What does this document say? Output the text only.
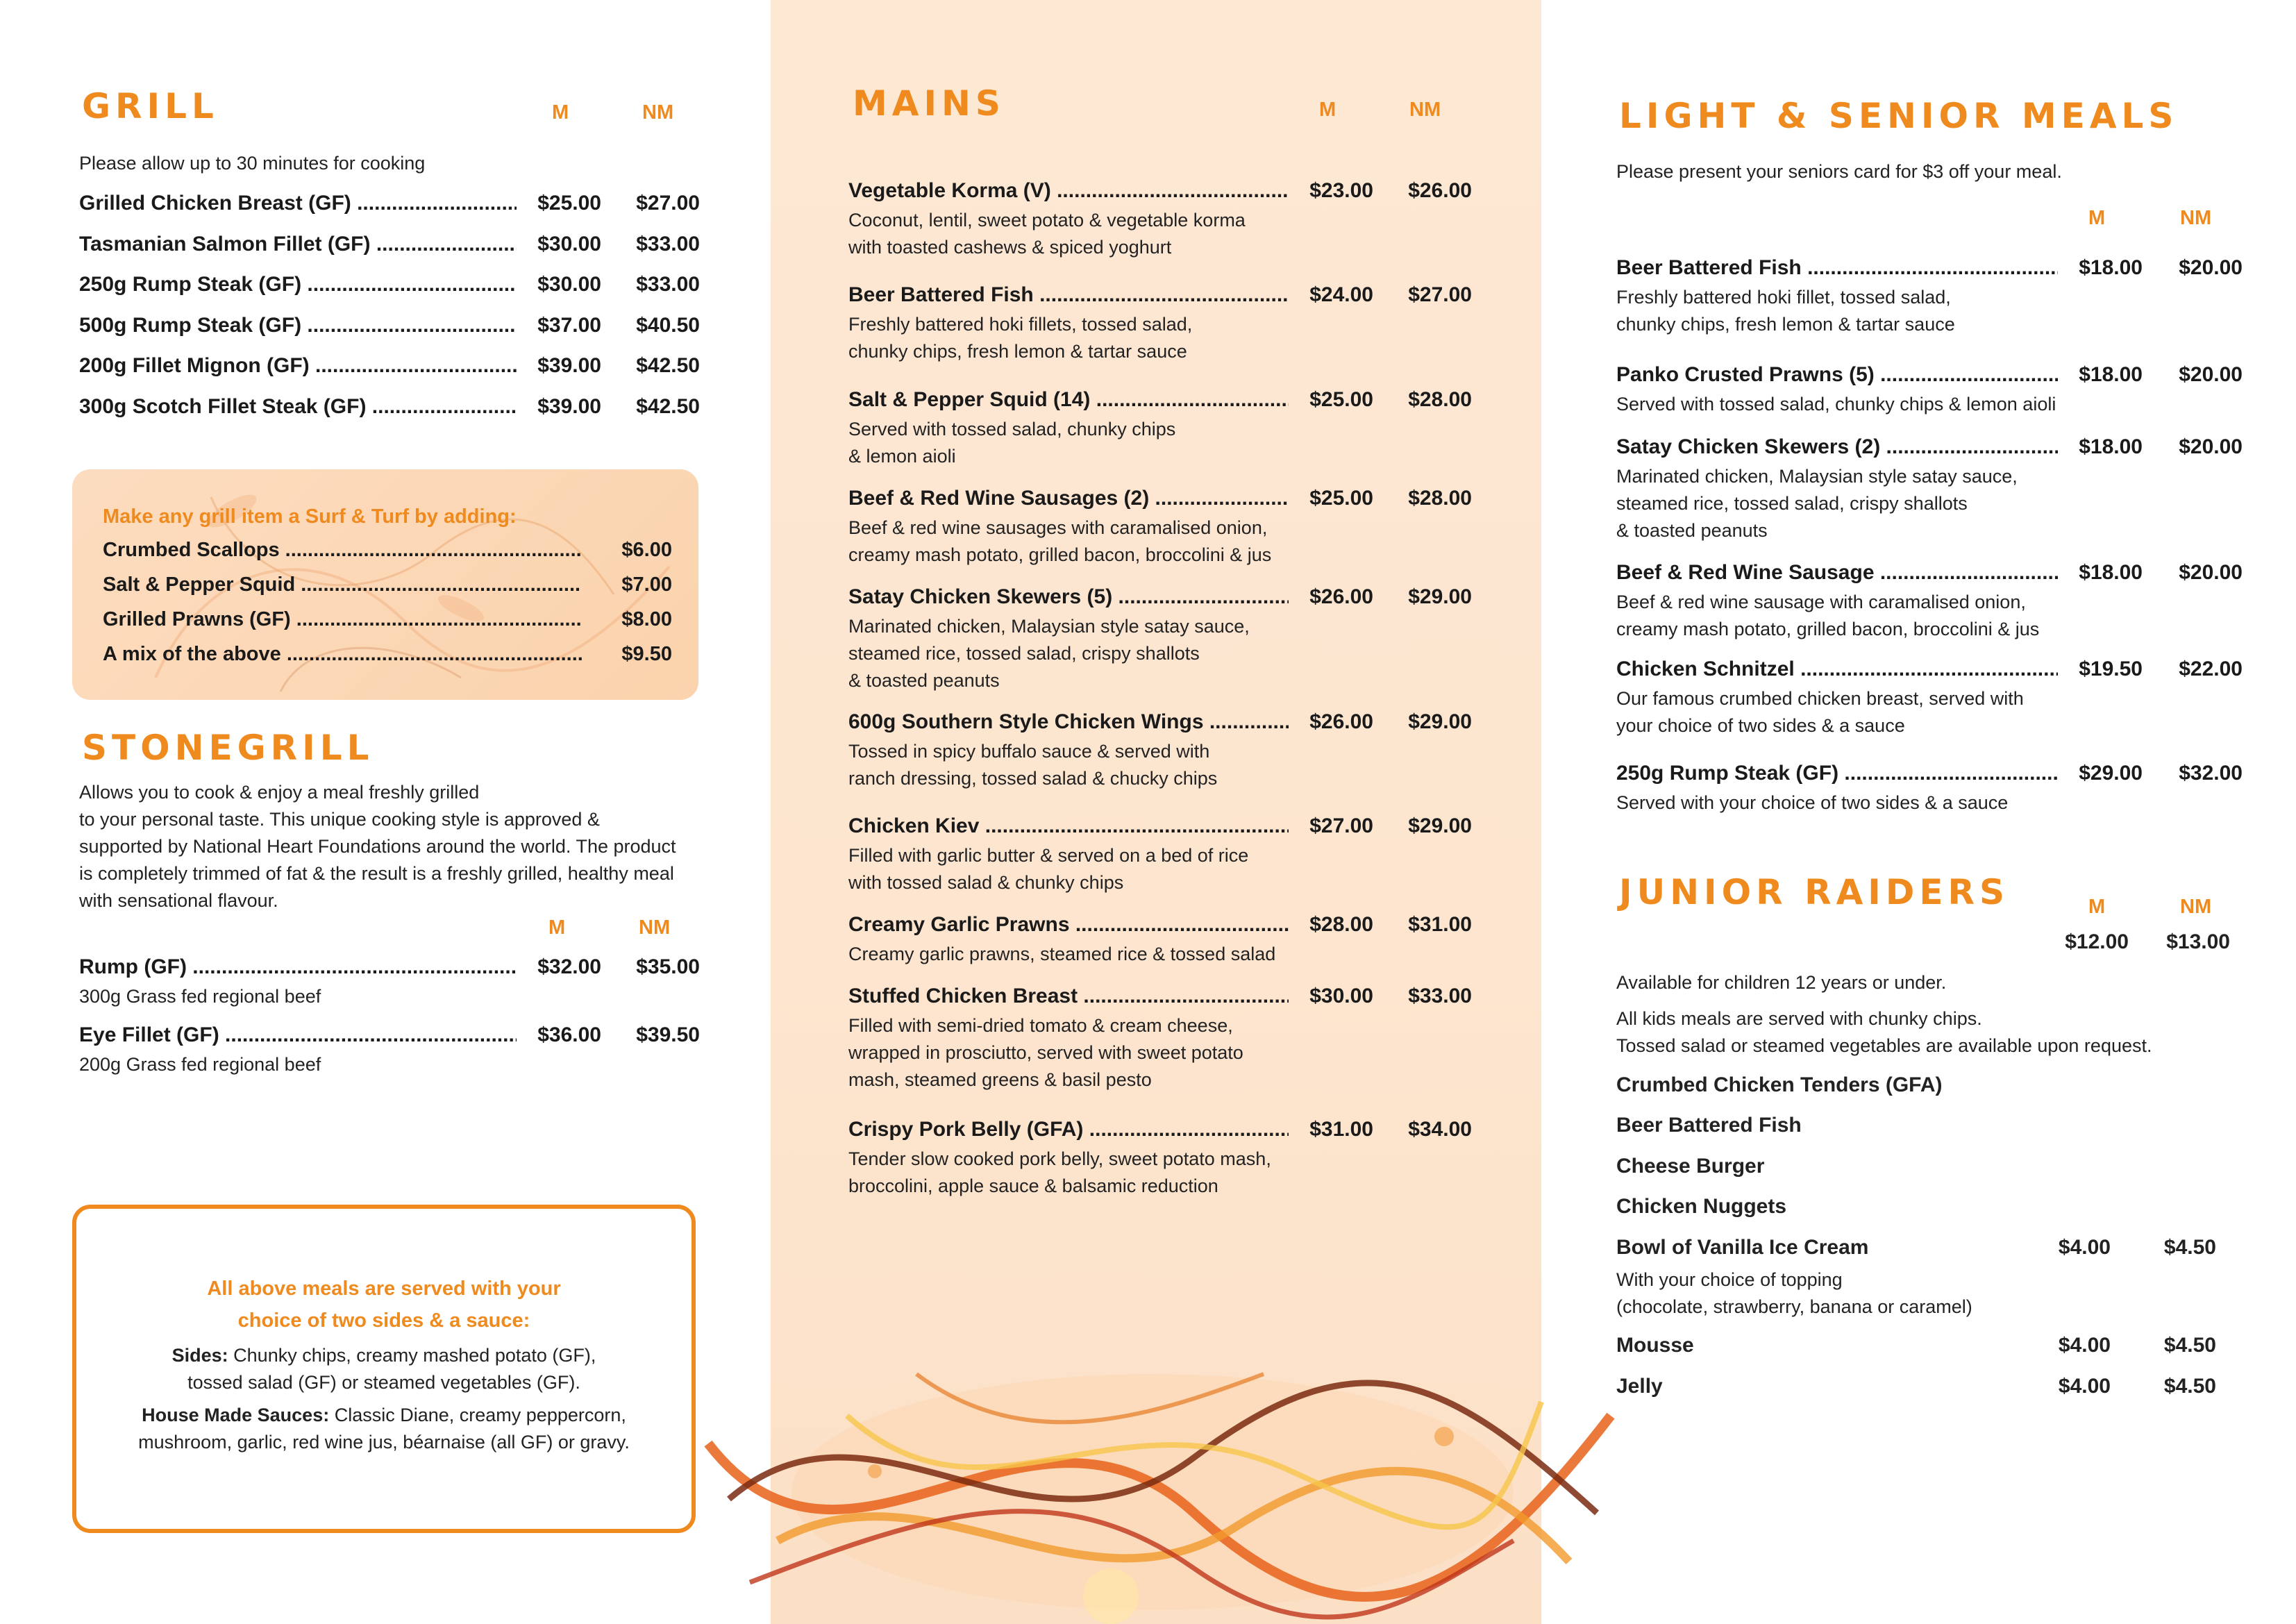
GRILL	M	NM
Please allow up to 30 minutes for cooking
Grilled Chicken Breast (GF) .....	$25.00	$27.00
Tasmanian Salmon Fillet (GF) .....	$30.00	$33.00
250g Rump Steak (GF) .....	$30.00	$33.00
500g Rump Steak (GF) .....	$37.00	$40.50
200g Fillet Mignon (GF) .....	$39.00	$42.50
300g Scotch Fillet Steak (GF) .....	$39.00	$42.50
Make any grill item a Surf & Turf by adding:
Crumbed Scallops .....	$6.00
Salt & Pepper Squid .....	$7.00
Grilled Prawns (GF) .....	$8.00
A mix of the above .....	$9.50
STONEGRILL
Allows you to cook & enjoy a meal freshly grilled
to your personal taste. This unique cooking style is approved &
supported by National Heart Foundations around the world. The product
is completely trimmed of fat & the result is a freshly grilled, healthy meal
with sensational flavour.
M	NM
Rump (GF) .....	$32.00	$35.00
300g Grass fed regional beef
Eye Fillet (GF) .....	$36.00	$39.50
200g Grass fed regional beef
All above meals are served with your
choice of two sides & a sauce:
Sides: Chunky chips, creamy mashed potato (GF),
tossed salad (GF) or steamed vegetables (GF).
House Made Sauces: Classic Diane, creamy peppercorn,
mushroom, garlic, red wine jus, béarnaise (all GF) or gravy.
MAINS	M	NM
Vegetable Korma (V) .....	$23.00	$26.00
Coconut, lentil, sweet potato & vegetable korma
with toasted cashews & spiced yoghurt
Beer Battered Fish .....	$24.00	$27.00
Freshly battered hoki fillets, tossed salad,
chunky chips, fresh lemon & tartar sauce
Salt & Pepper Squid (14) .....	$25.00	$28.00
Served with tossed salad, chunky chips
& lemon aioli
Beef & Red Wine Sausages (2) .....	$25.00	$28.00
Beef & red wine sausages with caramalised onion,
creamy mash potato, grilled bacon, broccolini & jus
Satay Chicken Skewers (5) .....	$26.00	$29.00
Marinated chicken, Malaysian style satay sauce,
steamed rice, tossed salad, crispy shallots
& toasted peanuts
600g Southern Style Chicken Wings .....	$26.00	$29.00
Tossed in spicy buffalo sauce & served with
ranch dressing, tossed salad & chucky chips
Chicken Kiev .....	$27.00	$29.00
Filled with garlic butter & served on a bed of rice
with tossed salad & chunky chips
Creamy Garlic Prawns .....	$28.00	$31.00
Creamy garlic prawns, steamed rice & tossed salad
Stuffed Chicken Breast .....	$30.00	$33.00
Filled with semi-dried tomato & cream cheese,
wrapped in prosciutto, served with sweet potato
mash, steamed greens & basil pesto
Crispy Pork Belly (GFA) .....	$31.00	$34.00
Tender slow cooked pork belly, sweet potato mash,
broccolini, apple sauce & balsamic reduction
LIGHT & SENIOR MEALS
Please present your seniors card for $3 off your meal.
M	NM
Beer Battered Fish .....	$18.00	$20.00
Freshly battered hoki fillet, tossed salad,
chunky chips, fresh lemon & tartar sauce
Panko Crusted Prawns (5) .....	$18.00	$20.00
Served with tossed salad, chunky chips & lemon aioli
Satay Chicken Skewers (2) .....	$18.00	$20.00
Marinated chicken, Malaysian style satay sauce,
steamed rice, tossed salad, crispy shallots
& toasted peanuts
Beef & Red Wine Sausage .....	$18.00	$20.00
Beef & red wine sausage with caramalised onion,
creamy mash potato, grilled bacon, broccolini & jus
Chicken Schnitzel .....	$19.50	$22.00
Our famous crumbed chicken breast, served with
your choice of two sides & a sauce
250g Rump Steak (GF) .....	$29.00	$32.00
Served with your choice of two sides & a sauce
JUNIOR RAIDERS	M	NM
$12.00	$13.00
Available for children 12 years or under.
All kids meals are served with chunky chips.
Tossed salad or steamed vegetables are available upon request.
Crumbed Chicken Tenders (GFA)
Beer Battered Fish
Cheese Burger
Chicken Nuggets
Bowl of Vanilla Ice Cream	$4.00	$4.50
With your choice of topping
(chocolate, strawberry, banana or caramel)
Mousse	$4.00	$4.50
Jelly	$4.00	$4.50
